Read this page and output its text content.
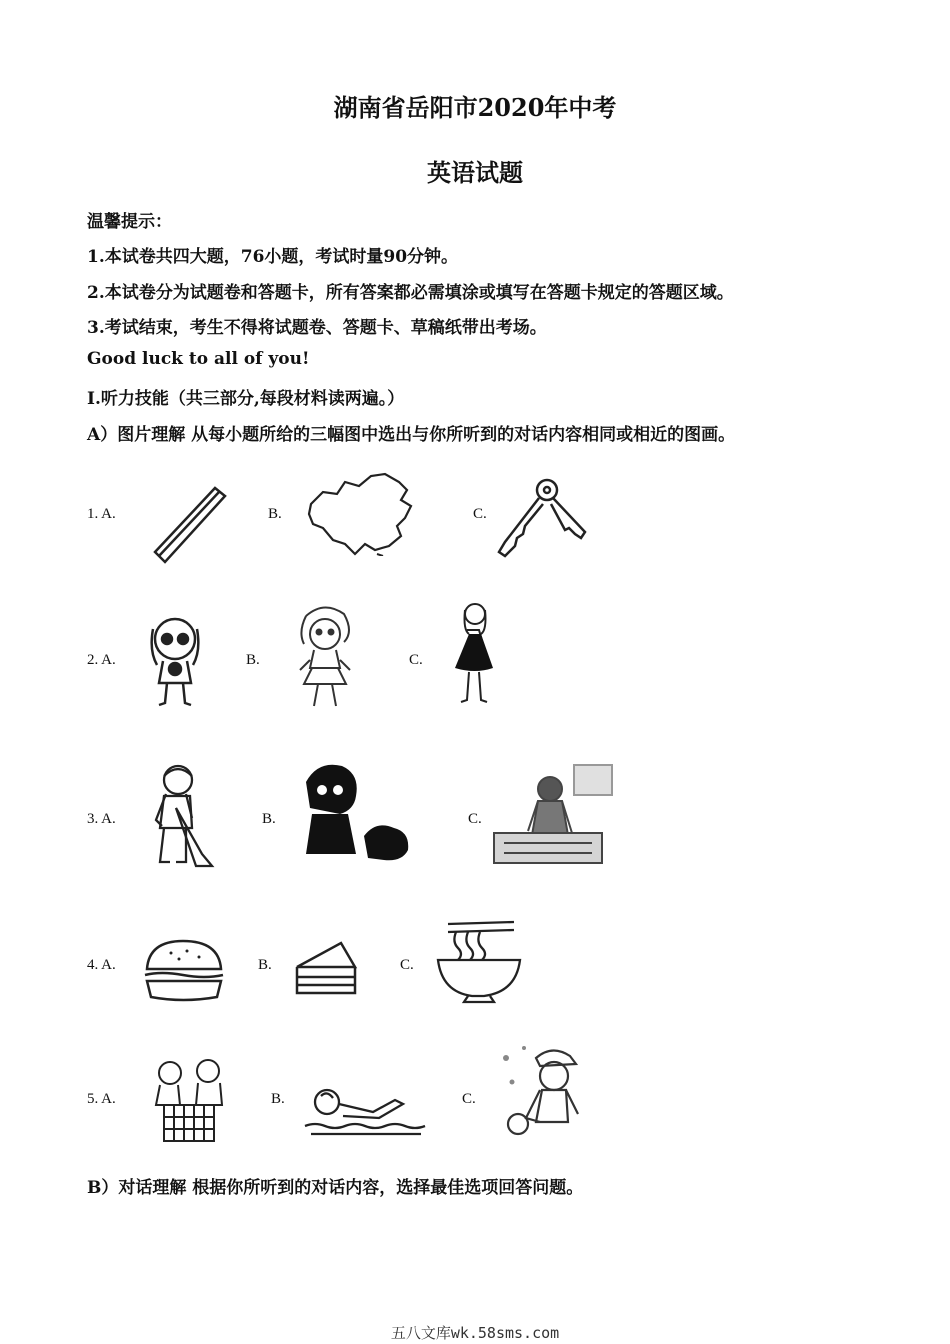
湖南省岳阳市2020年中考
英语试题
温馨提示：
1.本试卷共四大题，76小题，考试时量90分钟。
2.本试卷分为试题卷和答题卡，所有答案都必需填涂或填写在答题卡规定的答题区域。
3.考试结束，考生不得将试题卷、答题卡、草稿纸带出考场。
Good luck to all of you!
I.听力技能（共三部分,每段材料读两遍。）
A）图片理解 从每小题所给的三幅图中选出与你所听到的对话内容相同或相近的图画。
1. A.	B.	C.
2. A.	B.	C.
3. A.	B.	C.
4. A.	B.	C.
5. A.	B.	C.
B）对话理解 根据你所听到的对话内容，选择最佳选项回答问题。
五八文库wk.58sms.com
